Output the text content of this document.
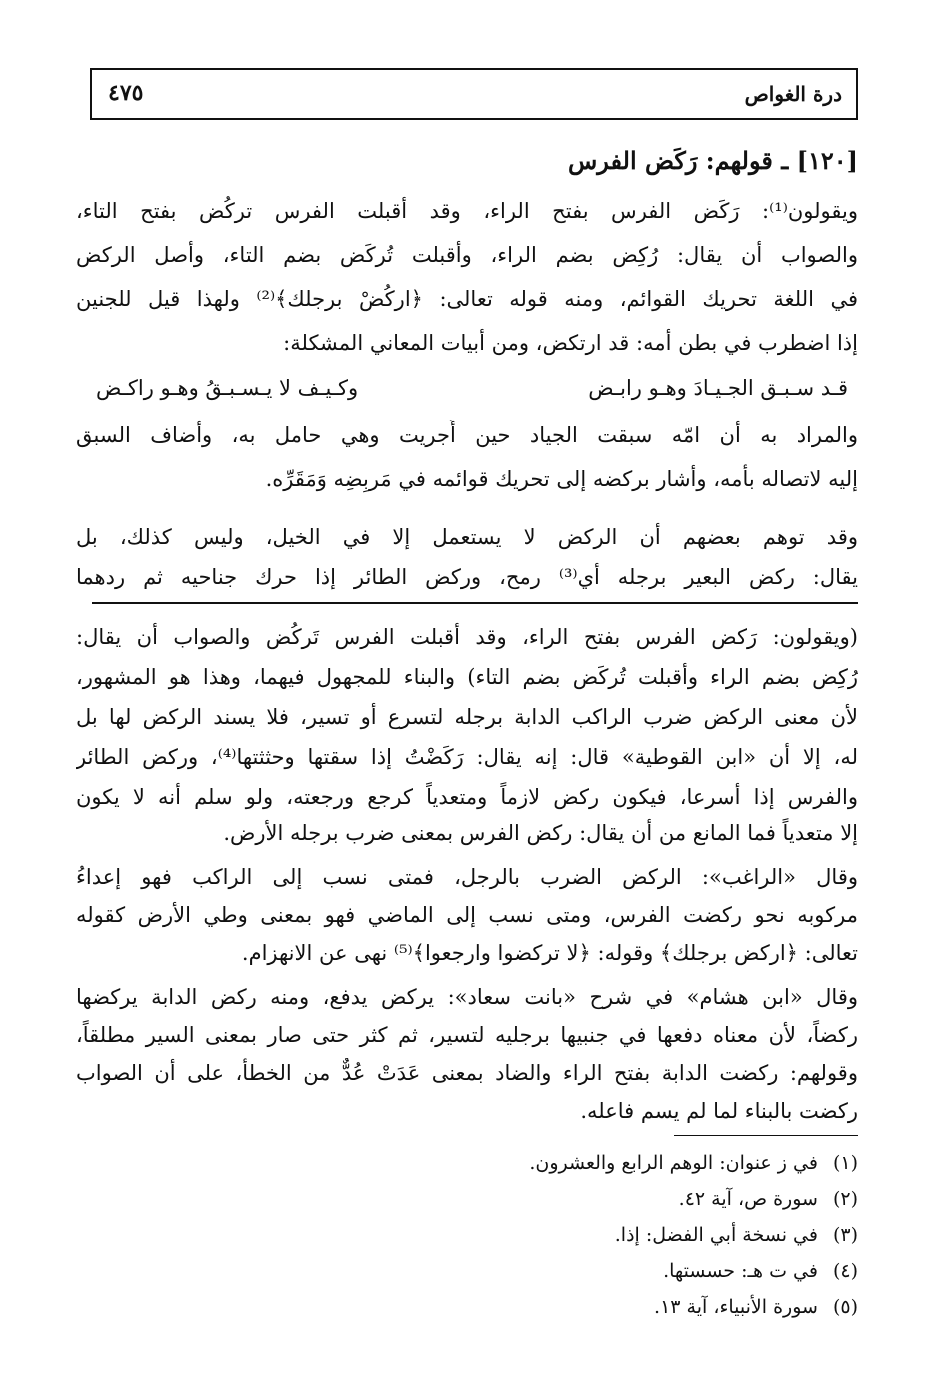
درة الغواص
٤٧٥
[١٢٠] ـ قولهم: رَكَض الفرس
ويقولون⁽¹⁾: رَكَض الفرس بفتح الراء، وقد أقبلت الفرس تركُض بفتح التاء،
والصواب أن يقال: رُكِض بضم الراء، وأقبلت تُركَض بضم التاء، وأصل الركض
في اللغة تحريك القوائم، ومنه قوله تعالى: ﴿اركُضْ برجلك﴾⁽²⁾ ولهذا قيل للجنين
إذا اضطرب في بطن أمه: قد ارتكض، ومن أبيات المعاني المشكلة:
قـد سـبـق الجـيـادَ وهـو رابـض
وكـيـف لا يـسـبـقُ وهـو راكـض
والمراد به أن امّه سبقت الجياد حين أُجريت وهي حامل به، وأضاف السبق
إليه لاتصاله بأمه، وأشار بركضه إلى تحريك قوائمه في مَربِضِه وَمَقَرِّه.
وقد توهم بعضهم أن الركض لا يستعمل إلا في الخيل، وليس كذلك، بل
يقال: ركض البعير برجله أي⁽³⁾ رمح، وركض الطائر إذا حرك جناحيه ثم ردهما
(ويقولون: رَكض الفرس بفتح الراء، وقد أقبلت الفرس تَركُض والصواب أن يقال:
رُكِض بضم الراء وأقبلت تُركَض بضم التاء) والبناء للمجهول فيهما، وهذا هو المشهور،
لأن معنى الركض ضرب الراكب الدابة برجله لتسرع أو تسير، فلا يسند الركض لها بل
له، إلا أن «ابن القوطية» قال: إنه يقال: رَكَضْتُ إذا سقتها وحثثتها⁽⁴⁾، وركض الطائر
والفرس إذا أسرعا، فيكون ركض لازماً ومتعدياً كرجع ورجعته، ولو سلم أنه لا يكون
إلا متعدياً فما المانع من أن يقال: ركض الفرس بمعنى ضرب برجله الأرض.
وقال «الراغب»: الركض الضرب بالرجل، فمتى نسب إلى الراكب فهو إعداءُ
مركوبه نحو ركضت الفرس، ومتى نسب إلى الماضي فهو بمعنى وطي الأرض كقوله
تعالى: ﴿اركض برجلك﴾ وقوله: ﴿لا تركضوا وارجعوا﴾⁽⁵⁾ نهى عن الانهزام.
وقال «ابن هشام» في شرح «بانت سعاد»: يركض يدفع، ومنه ركض الدابة يركضها
ركضاً، لأن معناه دفعها في جنبيها برجليه لتسير، ثم كثر حتى صار بمعنى السير مطلقاً،
وقولهم: ركضت الدابة بفتح الراء والضاد بمعنى عَدَتْ عُدٌّ من الخطأ، على أن الصواب
ركضت بالبناء لما لم يسم فاعله.
(١) في ز عنوان: الوهم الرابع والعشرون.
(٢) سورة ص، آية ٤٢.
(٣) في نسخة أبي الفضل: إذا.
(٤) في ت هـ: حسستها.
(٥) سورة الأنبياء، آية ١٣.
